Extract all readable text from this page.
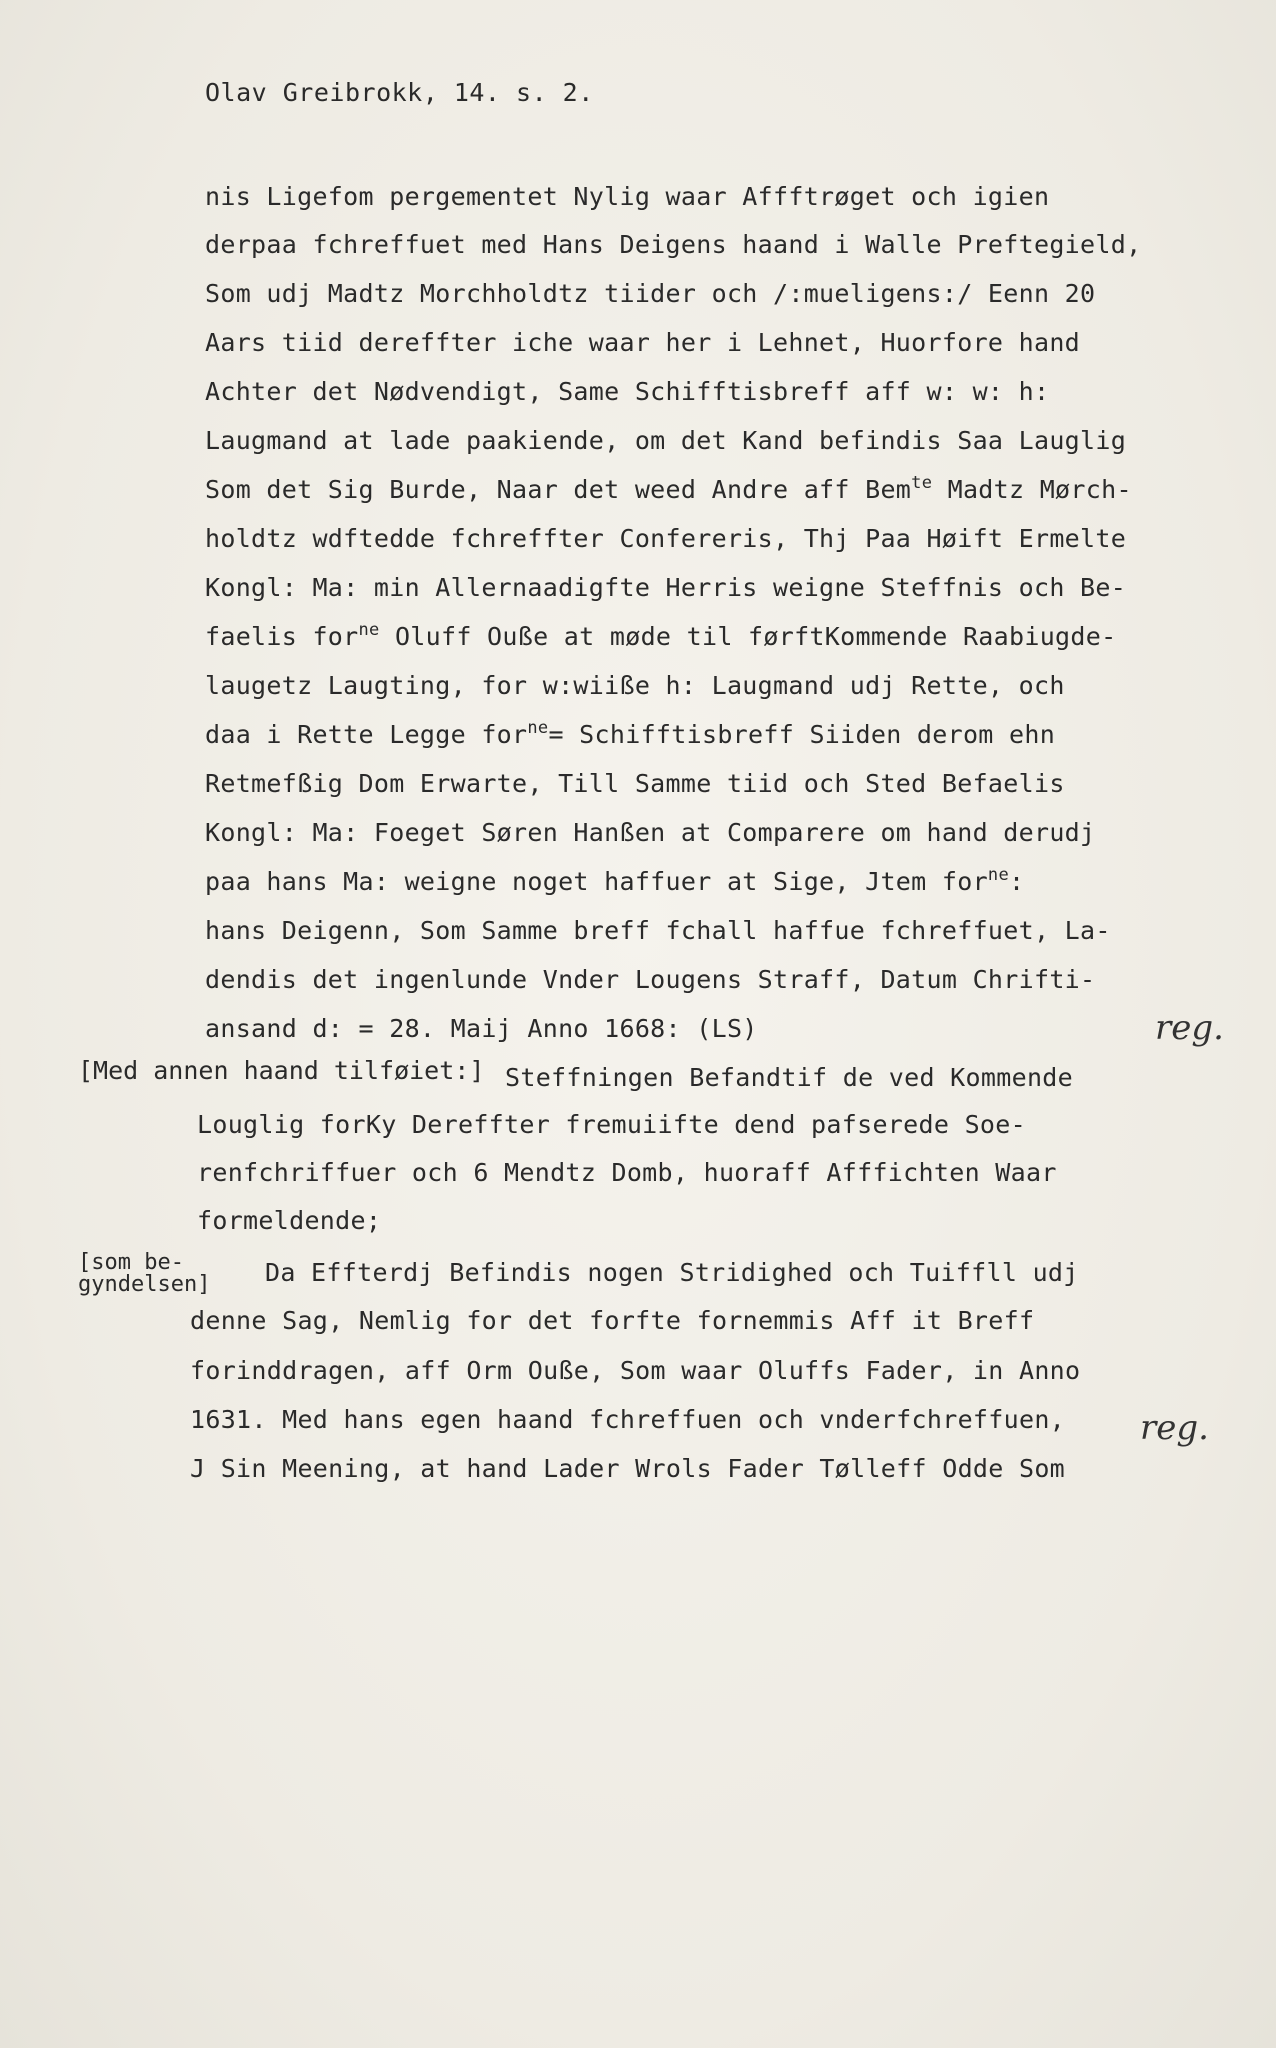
Olav Greibrokk, 14. s. 2.
nis Ligefom pergementet Nylig waar Affftrøget och igien
derpaa fchreffuet med Hans Deigens haand i Walle Preftegield,
Som udj Madtz Morchholdtz tiider och /:muеligens:/ Eenn 20
Aars tiid dereffter iche waar her i Lehnet, Huorfore hand
Achter det Nødvendigt, Same Schifftisbreff aff w: w: h:
Laugmand at lade paakiende, om det Kand befindis Saa Lauglig
Som det Sig Burde, Naar det weed Andre aff Bem$^{te}$ Madtz Mørch-
holdtz wdftedde fchreffter Confereris, Thj Paa Høift Ermelte
Kongl: Ma: min Allernaadigfte Herris weigne Steffnis och Be-
faelis for$^{ne}$ Oluff Ouße at møde til førftKommende Raabiugde-
laugetz Laugting, for w:wiiße h: Laugmand udj Rette, och
daa i Rette Legge for$^{ne}$= Schifftisbreff Siiden derom ehn
Retmefßig Dom Erwarte, Till Samme tiid och Sted Befaelis
Kongl: Ma: Foeget Søren Hanßen at Comparere om hand derudj
paa hans Ma: weigne noget haffuer at Sige, Jtem for$^{ne}$:
hans Deigenn, Som Samme breff fchall haffue fchreffuet, La-
dendis det ingenlunde Vnder Lougens Straff, Datum Chrifti-
ansand d: = 28. Maij Anno 1668: (LS)	reg.
[Med annen haand tilføiet:] Steffningen Befandtif de ved Kommende
Louglig forKy Dereffter fremuiifte dend pafserede Soe-
renfchriffuer och 6 Mendtz Domb, huoraff Afffichten Waar
formeldende;
[som be-
gyndelsen] Da Effterdj Befindis nogen Stridighed och Tuiffll udj
denne Sag, Nemlig for det forfte fornemmis Aff it Breff
forinddragen, aff Orm Ouße, Som waar Oluffs Fader, in Anno
1631. Med hans egen haand fchreffuen och vnderfchreffuen,
J Sin Meening, at hand Lader Wrols Fader Tølleff Odde Som
reg.
